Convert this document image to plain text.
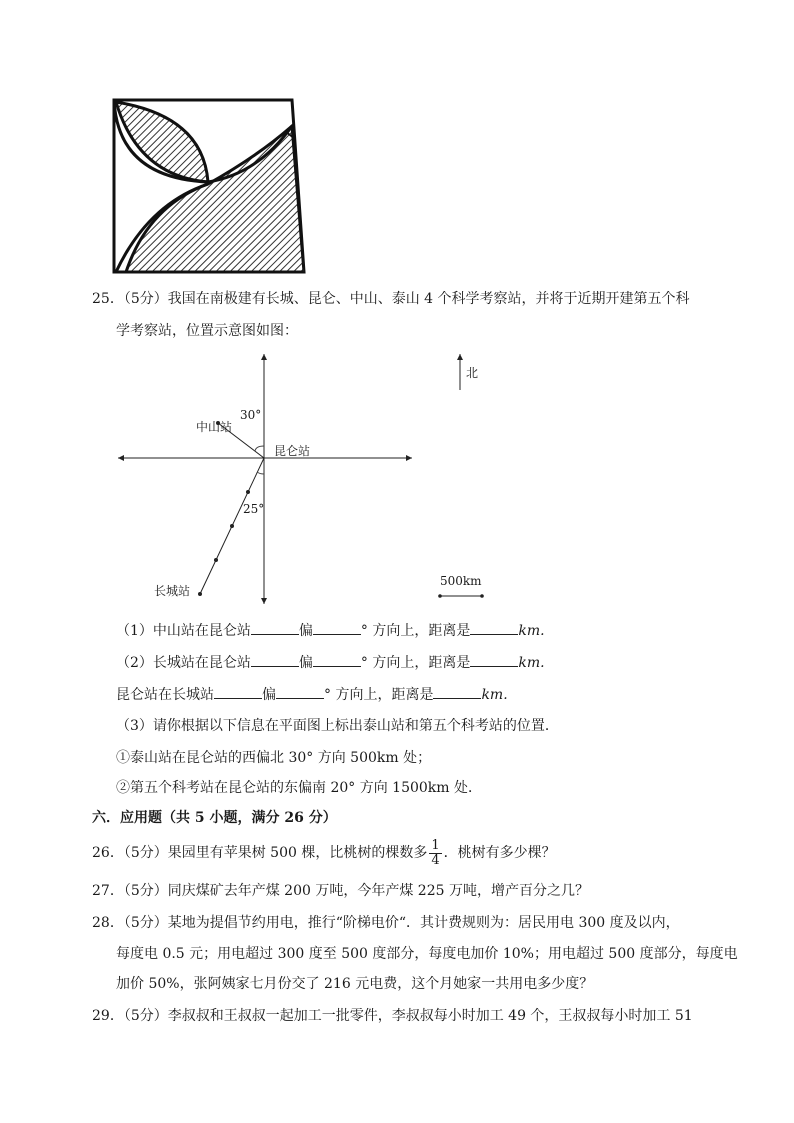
25．（5分）我国在南极建有长城、昆仑、中山、泰山 4 个科学考察站，并将于近期开建第五个科
学考察站，位置示意图如图：
北
30°
中山站
昆仑站
25°
长城站
500km
（1）中山站在昆仑站	偏	° 方向上，距离是	km.
（2）长城站在昆仑站	偏	° 方向上，距离是	km.
昆仑站在长城站	偏	° 方向上，距离是	km.
（3）请你根据以下信息在平面图上标出泰山站和第五个科考站的位置．
①泰山站在昆仑站的西偏北 30° 方向 500km 处；
②第五个科考站在昆仑站的东偏南 20° 方向 1500km 处．
六．应用题（共 5 小题，满分 26 分）
26．（5分）果园里有苹果树 500 棵，比桃树的棵数多 $\frac{1}{4}$ ．桃树有多少棵？
27．（5分）同庆煤矿去年产煤 200 万吨，今年产煤 225 万吨，增产百分之几？
28．（5分）某地为提倡节约用电，推行“阶梯电价“．其计费规则为：居民用电 300 度及以内，
每度电 0.5 元；用电超过 300 度至 500 度部分，每度电加价 10%；用电超过 500 度部分，每度电
加价 50%，张阿姨家七月份交了 216 元电费，这个月她家一共用电多少度？
29．（5分）李叔叔和王叔叔一起加工一批零件，李叔叔每小时加工 49 个，王叔叔每小时加工 51
